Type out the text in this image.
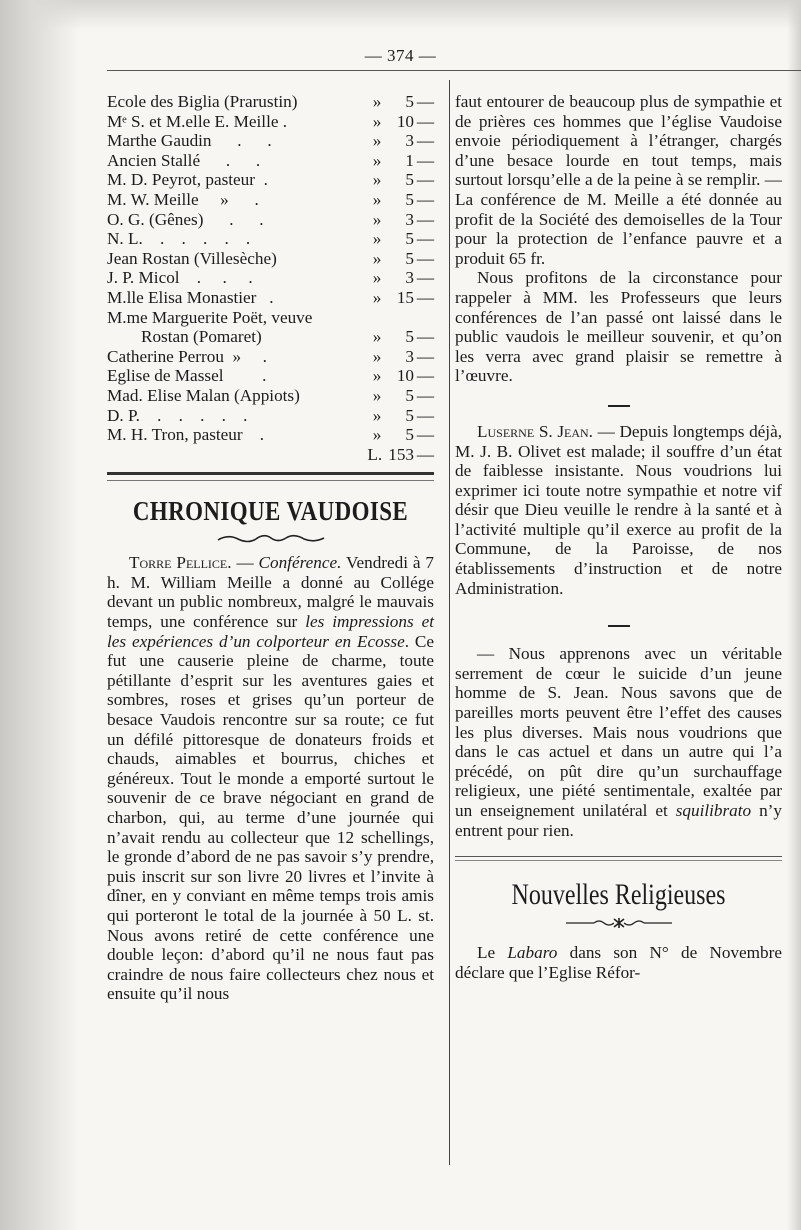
— 374 —
Ecole des Biglia (Prarustin)	»	5 —
Mᵉ S. et M.elle E. Meille .	» 10 —
Marthe Gaudin      .      .	»	3 —
Ancien Stallé      .      .	»	1 —
M. D. Peyrot, pasteur  .	»	5 —
M. W. Meille     »      .	»	5 —
O. G. (Gênes)      .      .	»	3 —
N. L.    .    .    .    .    .	»	5 —
Jean Rostan (Villesèche)	»	5 —
J. P. Micol    .     .     .	»	3 —
M.lle Elisa Monastier   .	» 15 —
M.me Marguerite Poët, veuve
Rostan (Pomaret)	»	5 —
Catherine Perrou  »     .	»	3 —
Eglise de Massel         .	» 10 —
Mad. Elise Malan (Appiots)	»	5 —
D. P.    .    .    .    .    .	»	5 —
M. H. Tron, pasteur    .	»	5 —
L. 153 —
CHRONIQUE VAUDOISE

Torre Pellice. — Conférence. Vendredi à 7 h. M. William Meille a donné au Collége devant un public nombreux, malgré le mauvais temps, une conférence sur les impressions et les expériences d’un colporteur en Ecosse. Ce fut une causerie pleine de charme, toute pétillante d’esprit sur les aventures gaies et sombres, roses et grises qu’un porteur de besace Vaudois rencontre sur sa route; ce fut un défilé pittoresque de donateurs froids et chauds, aimables et bourrus, chiches et généreux. Tout le monde a emporté surtout le souvenir de ce brave négociant en grand de charbon, qui, au terme d’une journée qui n’avait rendu au collecteur que 12 schellings, le gronde d’abord de ne pas savoir s’y prendre, puis inscrit sur son livre 20 livres et l’invite à dîner, en y conviant en même temps trois amis qui porteront le total de la journée à 50 L. st. Nous avons retiré de cette conférence une double leçon: d’abord qu’il ne nous faut pas craindre de nous faire collecteurs chez nous et ensuite qu’il nous

faut entourer de beaucoup plus de sympathie et de prières ces hommes que l’église Vaudoise envoie périodiquement à l’étranger, chargés d’une besace lourde en tout temps, mais surtout lorsqu’elle a de la peine à se remplir. — La conférence de M. Meille a été donnée au profit de la Société des demoiselles de la Tour pour la protection de l’enfance pauvre et a produit 65 fr.

Nous profitons de la circonstance pour rappeler à MM. les Professeurs que leurs conférences de l’an passé ont laissé dans le public vaudois le meilleur souvenir, et qu’on les verra avec grand plaisir se remettre à l’œuvre.

Luserne S. Jean. — Depuis longtemps déjà, M. J. B. Olivet est malade; il souffre d’un état de faiblesse insistante. Nous voudrions lui exprimer ici toute notre sympathie et notre vif désir que Dieu veuille le rendre à la santé et à l’activité multiple qu’il exerce au profit de la Commune, de la Paroisse, de nos établissements d’instruction et de notre Administration.

— Nous apprenons avec un véritable serrement de cœur le suicide d’un jeune homme de S. Jean. Nous savons que de pareilles morts peuvent être l’effet des causes les plus diverses. Mais nous voudrions que dans le cas actuel et dans un autre qui l’a précédé, on pût dire qu’un surchauffage religieux, une piété sentimentale, exaltée par un enseignement unilatéral et squilibrato n’y entrent pour rien.

Nouvelles Religieuses

Le Labaro dans son N° de Novembre déclare que l’Eglise Réfor-
